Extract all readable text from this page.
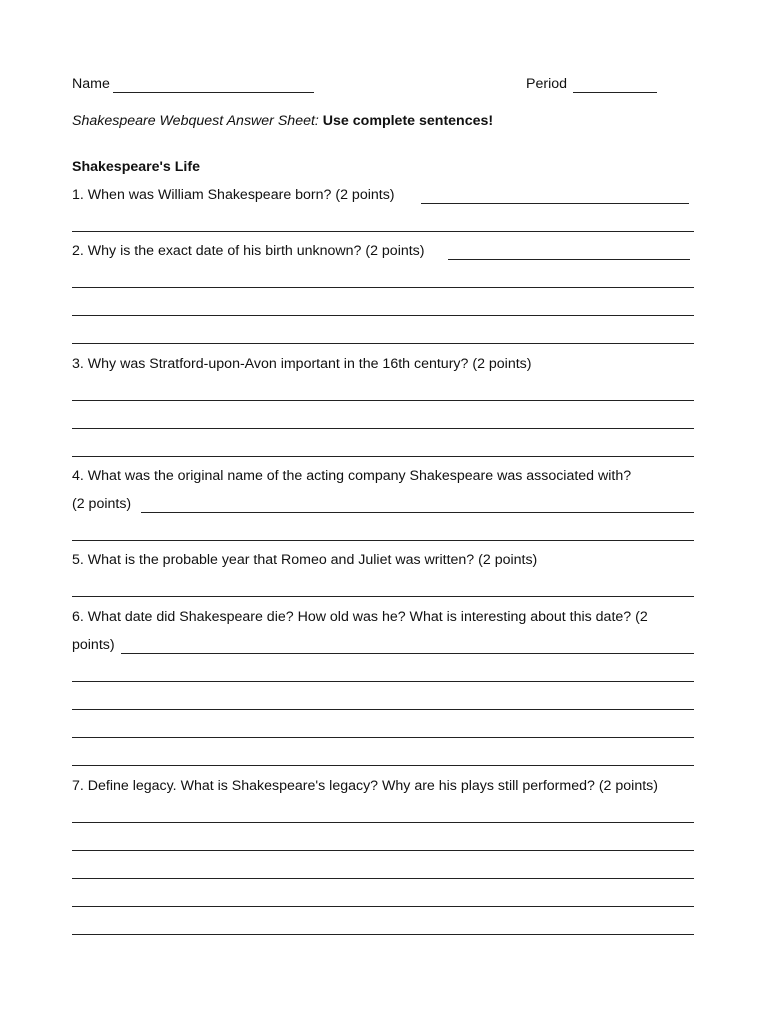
Name	Period
Shakespeare Webquest Answer Sheet: Use complete sentences!
Shakespeare's Life
1. When was William Shakespeare born? (2 points)
2. Why is the exact date of his birth unknown? (2 points)
3. Why was Stratford-upon-Avon important in the 16th century? (2 points)
4. What was the original name of the acting company Shakespeare was associated with?
(2 points)
5. What is the probable year that Romeo and Juliet was written? (2 points)
6. What date did Shakespeare die? How old was he? What is interesting about this date? (2
points)
7. Define legacy. What is Shakespeare's legacy? Why are his plays still performed? (2 points)
